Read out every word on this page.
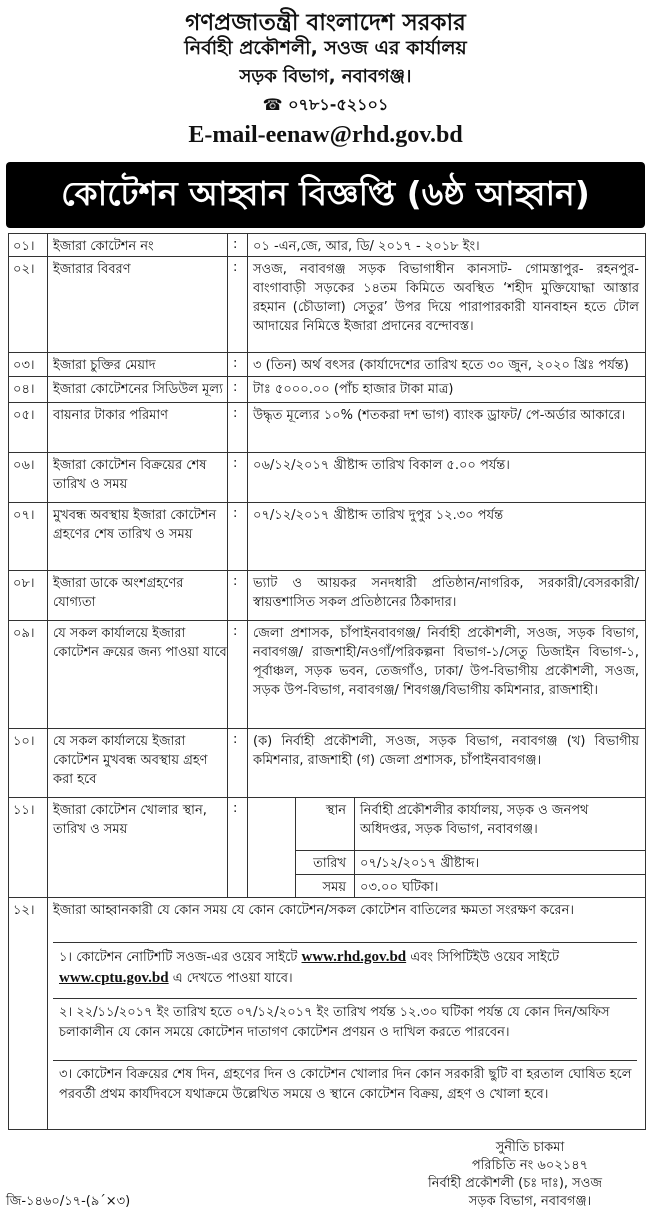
গণপ্রজাতন্ত্রী বাংলাদেশ সরকার
নির্বাহী প্রকৌশলী, সওজ এর কার্যালয়
সড়ক বিভাগ, নবাবগঞ্জ।
☎ ০৭৮১-৫২১০১
E-mail-eenaw@rhd.gov.bd
কোটেশন আহ্বান বিজ্ঞপ্তি (৬ষ্ঠ আহ্বান)
০১।	ইজারা কোটেশন নং	: ০১ -এন,জে, আর, ডি/ ২০১৭ - ২০১৮ ইং।
০২।	ইজারার বিবরণ	: সওজ, নবাবগঞ্জ সড়ক বিভাগাধীন কানসাট- গোমস্তাপুর- রহনপুর- বাংগাবাড়ী সড়কের ১৪তম কিমিতে অবস্থিত ‘শহীদ মুক্তিযোদ্ধা আস্তার রহমান (চৌডালা) সেতুর’ উপর দিয়ে পারাপারকারী যানবাহন হতে টোল আদায়ের নিমিত্তে ইজারা প্রদানের বন্দোবস্ত।
০৩।	ইজারা চুক্তির মেয়াদ	: ৩ (তিন) অর্থ বৎসর (কার্যাদেশের তারিখ হতে ৩০ জুন, ২০২০ খ্রিঃ পর্যন্ত)
০৪।	ইজারা কোটেশনের সিডিউল মূল্য : টাঃ ৫০০০.০০ (পাঁচ হাজার টাকা মাত্র)
০৫।	বায়নার টাকার পরিমাণ	: উদ্ধৃত মূল্যের ১০% (শতকরা দশ ভাগ) ব্যাংক ড্রাফট/ পে-অর্ডার আকারে।
০৬।	ইজারা কোটেশন বিক্রয়ের শেষ তারিখ ও সময়
: ০৬/১২/২০১৭ খ্রীষ্টাব্দ তারিখ বিকাল ৫.০০ পর্যন্ত।
০৭।	মুখবন্ধ অবস্থায় ইজারা কোটেশন গ্রহণের শেষ তারিখ ও সময়
: ০৭/১২/২০১৭ খ্রীষ্টাব্দ তারিখ দুপুর ১২.৩০ পর্যন্ত
০৮।	ইজারা ডাকে অংশগ্রহণের যোগ্যতা
: ভ্যাট ও আয়কর সনদধারী প্রতিষ্ঠান/নাগরিক, সরকারী/বেসরকারী/ স্বায়ত্তশাসিত সকল প্রতিষ্ঠানের ঠিকাদার।
০৯।	যে সকল কার্যালয়ে ইজারা কোটেশন ক্রয়ের জন্য পাওয়া যাবে
: জেলা প্রশাসক, চাঁপাইনবাবগঞ্জ/ নির্বাহী প্রকৌশলী, সওজ, সড়ক বিভাগ, নবাবগঞ্জ/ রাজশাহী/নওগাঁ/পরিকল্পনা বিভাগ-১/সেতু ডিজাইন বিভাগ-১, পূর্বাঞ্চল, সড়ক ভবন, তেজগাঁও, ঢাকা/ উপ-বিভাগীয় প্রকৌশলী, সওজ, সড়ক উপ-বিভাগ, নবাবগঞ্জ/ শিবগঞ্জ/বিভাগীয় কমিশনার, রাজশাহী।
১০।	যে সকল কার্যালয়ে ইজারা কোটেশন মুখবন্ধ অবস্থায় গ্রহণ করা হবে
: (ক) নির্বাহী প্রকৌশলী, সওজ, সড়ক বিভাগ, নবাবগঞ্জ (খ) বিভাগীয় কমিশনার, রাজশাহী (গ) জেলা প্রশাসক, চাঁপাইনবাবগঞ্জ।
১১।	ইজারা কোটেশন খোলার স্থান, তারিখ ও সময়
:	স্থান নির্বাহী প্রকৌশলীর কার্যালয়, সড়ক ও জনপথ অধিদপ্তর, সড়ক বিভাগ, নবাবগঞ্জ।
তারিখ ০৭/১২/২০১৭ খ্রীষ্টাব্দ।
সময় ০৩.০০ ঘটিকা।
১২।	ইজারা আহ্বানকারী যে কোন সময় যে কোন কোটেশন/সকল কোটেশন বাতিলের ক্ষমতা সংরক্ষণ করেন।
১। কোটেশন নোটিশটি সওজ-এর ওয়েব সাইটে www.rhd.gov.bd এবং সিপিটিইউ ওয়েব সাইটে www.cptu.gov.bd এ দেখতে পাওয়া যাবে।
২। ২২/১১/২০১৭ ইং তারিখ হতে ০৭/১২/২০১৭ ইং তারিখ পর্যন্ত ১২.৩০ ঘটিকা পর্যন্ত যে কোন দিন/অফিস চলাকালীন যে কোন সময়ে কোটেশন দাতাগণ কোটেশন প্রণয়ন ও দাখিল করতে পারবেন।
৩। কোটেশন বিক্রয়ের শেষ দিন, গ্রহণের দিন ও কোটেশন খোলার দিন কোন সরকারী ছুটি বা হরতাল ঘোষিত হলে পরবর্তী প্রথম কার্যদিবসে যথাক্রমে উল্লেখিত সময়ে ও স্থানে কোটেশন বিক্রয়, গ্রহণ ও খোলা হবে।
সুনীতি চাকমা
পরিচিতি নং ৬০২১৪৭
নির্বাহী প্রকৌশলী (চঃ দাঃ), সওজ
সড়ক বিভাগ, নবাবগঞ্জ।
জি-১৪৬০/১৭-(৯´×৩)
